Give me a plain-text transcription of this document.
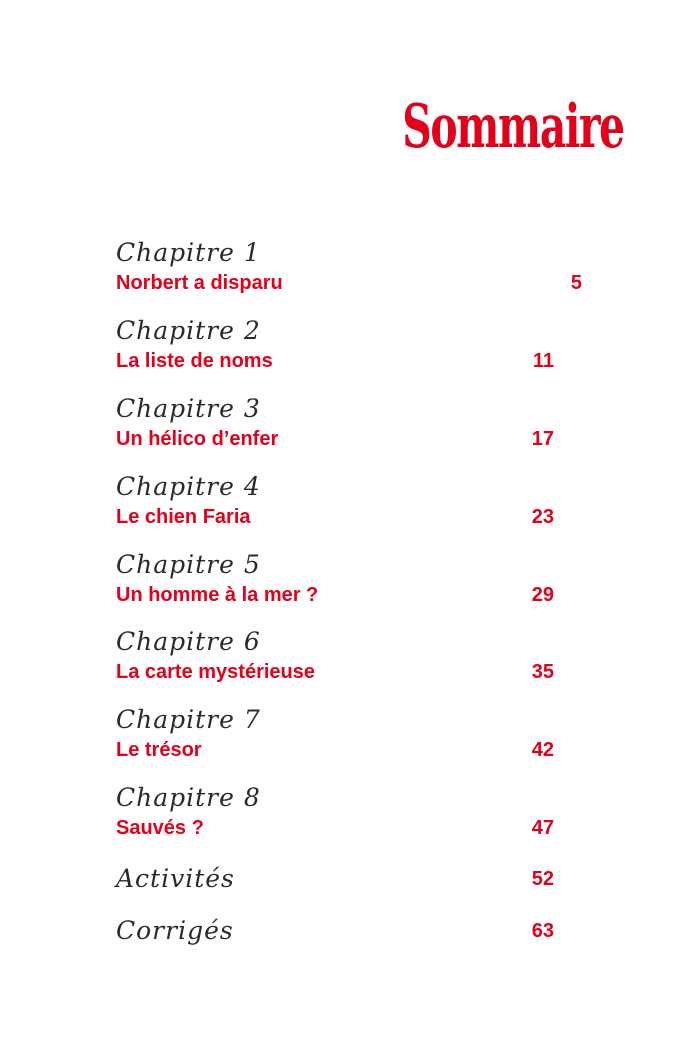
Sommaire
Chapitre 1
Norbert a disparu	5
Chapitre 2
La liste de noms	11
Chapitre 3
Un hélico d’enfer	17
Chapitre 4
Le chien Faria	23
Chapitre 5
Un homme à la mer ?	29
Chapitre 6
La carte mystérieuse	35
Chapitre 7
Le trésor	42
Chapitre 8
Sauvés ?	47
Activités	52
Corrigés	63
